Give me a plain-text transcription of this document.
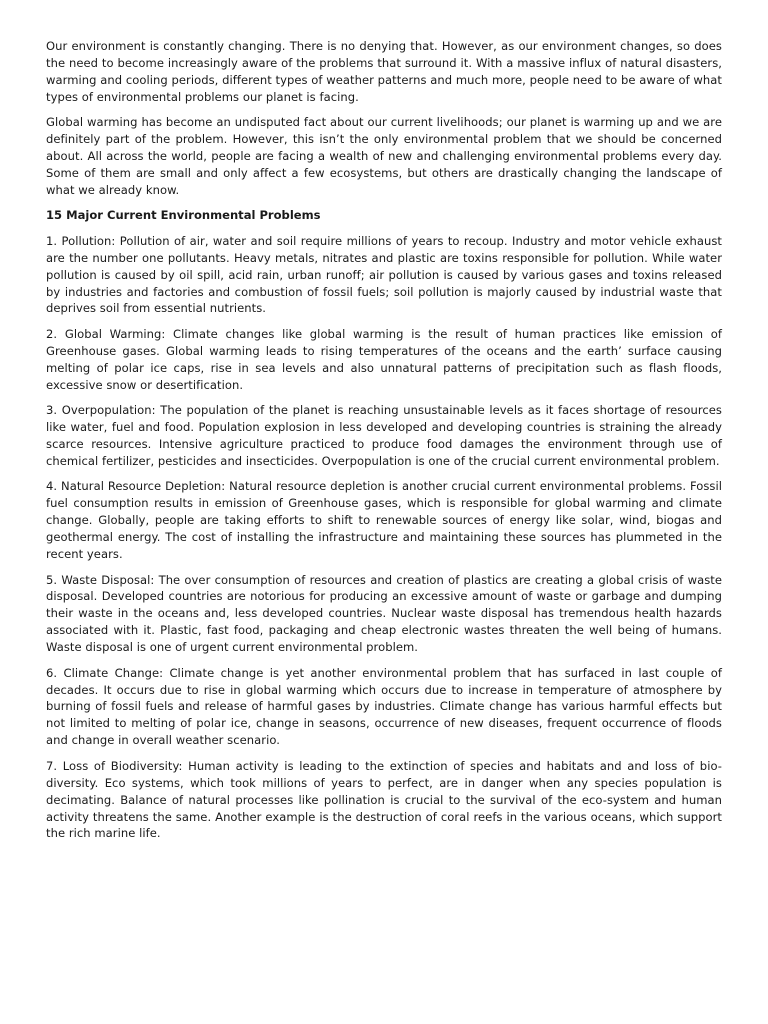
Our environment is constantly changing. There is no denying that. However, as our environment changes, so does the need to become increasingly aware of the problems that surround it. With a massive influx of natural disasters, warming and cooling periods, different types of weather patterns and much more, people need to be aware of what types of environmental problems our planet is facing.

Global warming has become an undisputed fact about our current livelihoods; our planet is warming up and we are definitely part of the problem. However, this isn’t the only environmental problem that we should be concerned about. All across the world, people are facing a wealth of new and challenging environmental problems every day. Some of them are small and only affect a few ecosystems, but others are drastically changing the landscape of what we already know.

15 Major Current Environmental Problems

1. Pollution: Pollution of air, water and soil require millions of years to recoup. Industry and motor vehicle exhaust are the number one pollutants. Heavy metals, nitrates and plastic are toxins responsible for pollution. While water pollution is caused by oil spill, acid rain, urban runoff; air pollution is caused by various gases and toxins released by industries and factories and combustion of fossil fuels; soil pollution is majorly caused by industrial waste that deprives soil from essential nutrients.

2. Global Warming: Climate changes like global warming is the result of human practices like emission of Greenhouse gases. Global warming leads to rising temperatures of the oceans and the earth’ surface causing melting of polar ice caps, rise in sea levels and also unnatural patterns of precipitation such as flash floods, excessive snow or desertification.

3. Overpopulation: The population of the planet is reaching unsustainable levels as it faces shortage of resources like water, fuel and food. Population explosion in less developed and developing countries is straining the already scarce resources. Intensive agriculture practiced to produce food damages the environment through use of chemical fertilizer, pesticides and insecticides. Overpopulation is one of the crucial current environmental problem.

4. Natural Resource Depletion: Natural resource depletion is another crucial current environmental problems. Fossil fuel consumption results in emission of Greenhouse gases, which is responsible for global warming and climate change. Globally, people are taking efforts to shift to renewable sources of energy like solar, wind, biogas and geothermal energy. The cost of installing the infrastructure and maintaining these sources has plummeted in the recent years.

5. Waste Disposal: The over consumption of resources and creation of plastics are creating a global crisis of waste disposal. Developed countries are notorious for producing an excessive amount of waste or garbage and dumping their waste in the oceans and, less developed countries. Nuclear waste disposal has tremendous health hazards associated with it. Plastic, fast food, packaging and cheap electronic wastes threaten the well being of humans. Waste disposal is one of urgent current environmental problem.

6. Climate Change: Climate change is yet another environmental problem that has surfaced in last couple of decades. It occurs due to rise in global warming which occurs due to increase in temperature of atmosphere by burning of fossil fuels and release of harmful gases by industries. Climate change has various harmful effects but not limited to melting of polar ice, change in seasons, occurrence of new diseases, frequent occurrence of floods and change in overall weather scenario.

7. Loss of Biodiversity: Human activity is leading to the extinction of species and habitats and and loss of bio-diversity. Eco systems, which took millions of years to perfect, are in danger when any species population is decimating. Balance of natural processes like pollination is crucial to the survival of the eco-system and human activity threatens the same. Another example is the destruction of coral reefs in the various oceans, which support the rich marine life.
